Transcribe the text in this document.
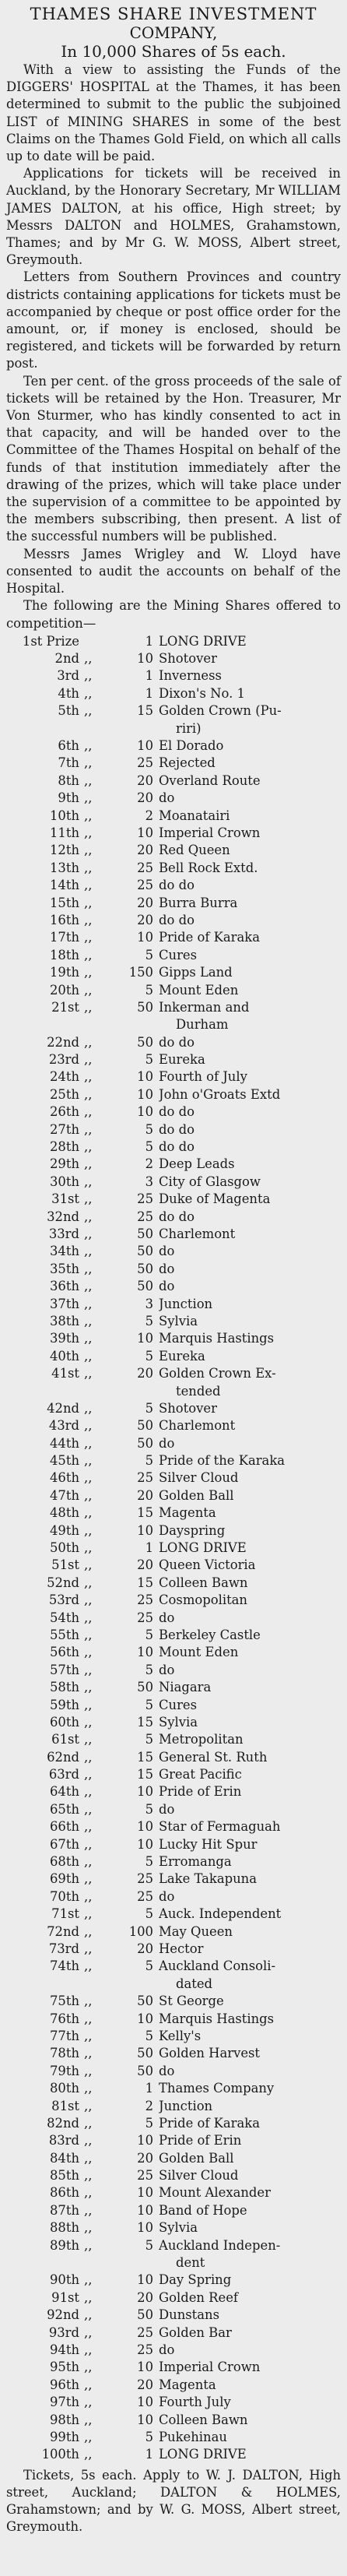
THAMES SHARE INVESTMENT
COMPANY,
In 10,000 Shares of 5s each.
With a view to assisting the Funds of the DIGGERS' HOSPITAL at the Thames, it has been determined to submit to the public the subjoined LIST of MINING SHARES in some of the best Claims on the Thames Gold Field, on which all calls up to date will be paid.
Applications for tickets will be received in Auckland, by the Honorary Secretary, Mr WILLIAM JAMES DALTON, at his office, High street; by Messrs DALTON and HOLMES, Grahamstown, Thames; and by Mr G. W. MOSS, Albert street, Greymouth.
Letters from Southern Provinces and country districts containing applications for tickets must be accompanied by cheque or post office order for the amount, or, if money is enclosed, should be registered, and tickets will be forwarded by return post.
Ten per cent. of the gross proceeds of the sale of tickets will be retained by the Hon. Treasurer, Mr Von Sturmer, who has kindly consented to act in that capacity, and will be handed over to the Committee of the Thames Hospital on behalf of the funds of that institution immediately after the drawing of the prizes, which will take place under the supervision of a committee to be appointed by the members subscribing, then present. A list of the successful numbers will be published.
Messrs James Wrigley and W. Lloyd have consented to audit the accounts on behalf of the Hospital.
The following are the Mining Shares offered to competition—
1st Prize	1 LONG DRIVE
2nd ,,	10 Shotover
3rd ,,	1 Inverness
4th ,,	1 Dixon's No. 1
5th ,,	15 Golden Crown (Pu-
riri)
6th ,,	10 El Dorado
7th ,,	25 Rejected
8th ,,	20 Overland Route
9th ,,	20 do
10th ,,	2 Moanatairi
11th ,,	10 Imperial Crown
12th ,,	20 Red Queen
13th ,,	25 Bell Rock Extd.
14th ,,	25 do do
15th ,,	20 Burra Burra
16th ,,	20 do do
17th ,,	10 Pride of Karaka
18th ,,	5 Cures
19th ,,	150 Gipps Land
20th ,,	5 Mount Eden
21st ,,	50 Inkerman and
Durham
22nd ,,	50 do do
23rd ,,	5 Eureka
24th ,,	10 Fourth of July
25th ,,	10 John o'Groats Extd
26th ,,	10 do do
27th ,,	5 do do
28th ,,	5 do do
29th ,,	2 Deep Leads
30th ,,	3 City of Glasgow
31st ,,	25 Duke of Magenta
32nd ,,	25 do do
33rd ,,	50 Charlemont
34th ,,	50 do
35th ,,	50 do
36th ,,	50 do
37th ,,	3 Junction
38th ,,	5 Sylvia
39th ,,	10 Marquis Hastings
40th ,,	5 Eureka
41st ,,	20 Golden Crown Ex-
tended
42nd ,,	5 Shotover
43rd ,,	50 Charlemont
44th ,,	50 do
45th ,,	5 Pride of the Karaka
46th ,,	25 Silver Cloud
47th ,,	20 Golden Ball
48th ,,	15 Magenta
49th ,,	10 Dayspring
50th ,,	1 LONG DRIVE
51st ,,	20 Queen Victoria
52nd ,,	15 Colleen Bawn
53rd ,,	25 Cosmopolitan
54th ,,	25 do
55th ,,	5 Berkeley Castle
56th ,,	10 Mount Eden
57th ,,	5 do
58th ,,	50 Niagara
59th ,,	5 Cures
60th ,,	15 Sylvia
61st ,,	5 Metropolitan
62nd ,,	15 General St. Ruth
63rd ,,	15 Great Pacific
64th ,,	10 Pride of Erin
65th ,,	5 do
66th ,,	10 Star of Fermaguah
67th ,,	10 Lucky Hit Spur
68th ,,	5 Erromanga
69th ,,	25 Lake Takapuna
70th ,,	25 do
71st ,,	5 Auck. Independent
72nd ,,	100 May Queen
73rd ,,	20 Hector
74th ,,	5 Auckland Consoli-
dated
75th ,,	50 St George
76th ,,	10 Marquis Hastings
77th ,,	5 Kelly's
78th ,,	50 Golden Harvest
79th ,,	50 do
80th ,,	1 Thames Company
81st ,,	2 Junction
82nd ,,	5 Pride of Karaka
83rd ,,	10 Pride of Erin
84th ,,	20 Golden Ball
85th ,,	25 Silver Cloud
86th ,,	10 Mount Alexander
87th ,,	10 Band of Hope
88th ,,	10 Sylvia
89th ,,	5 Auckland Indepen-
dent
90th ,,	10 Day Spring
91st ,,	20 Golden Reef
92nd ,,	50 Dunstans
93rd ,,	25 Golden Bar
94th ,,	25 do
95th ,,	10 Imperial Crown
96th ,,	20 Magenta
97th ,,	10 Fourth July
98th ,,	10 Colleen Bawn
99th ,,	5 Pukehinau
100th ,,	1 LONG DRIVE
Tickets, 5s each. Apply to W. J. DALTON, High street, Auckland; DALTON & HOLMES, Grahamstown; and by W. G. MOSS, Albert street, Greymouth.
